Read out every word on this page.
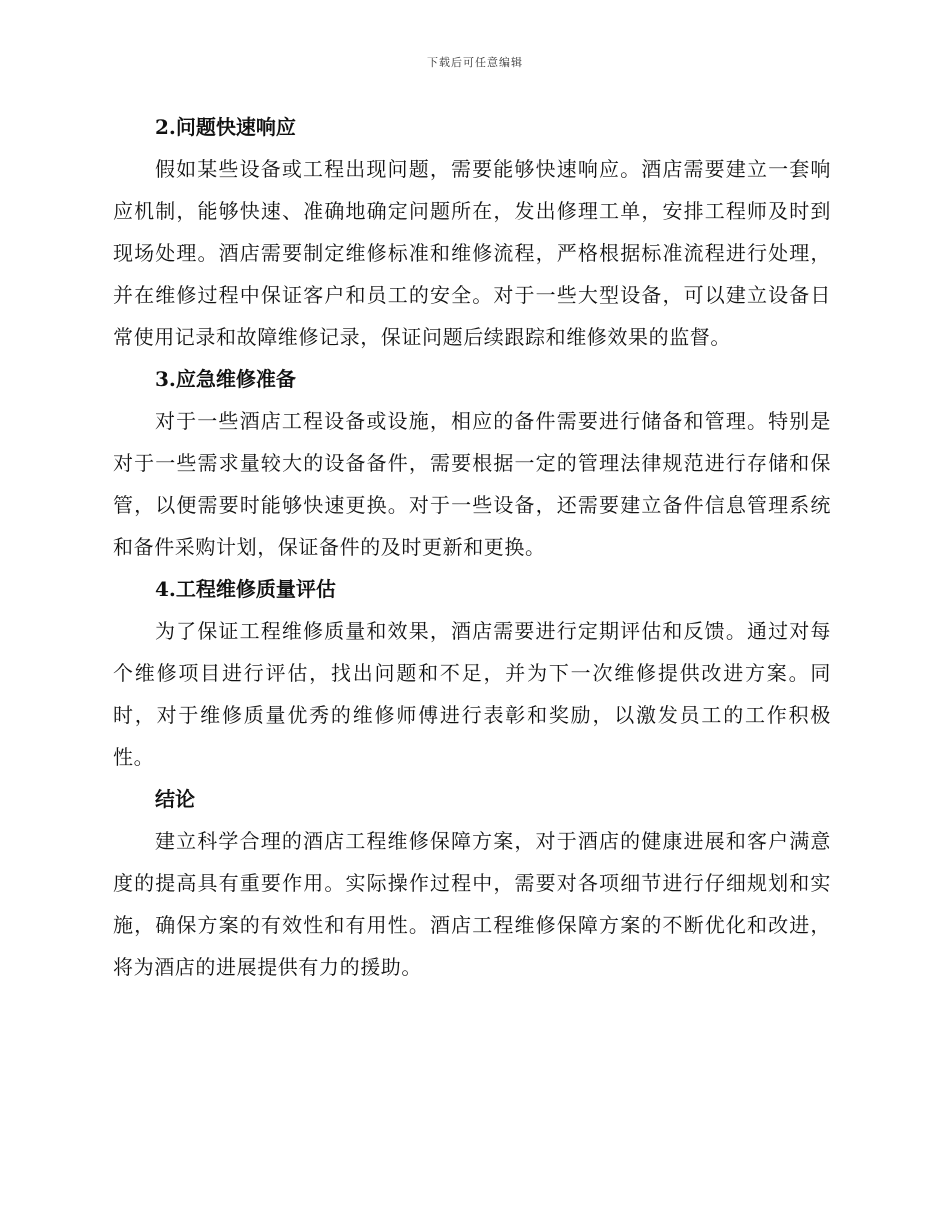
下载后可任意编辑
2.问题快速响应

假如某些设备或工程出现问题，需要能够快速响应。酒店需要建立一套响应机制，能够快速、准确地确定问题所在，发出修理工单，安排工程师及时到现场处理。酒店需要制定维修标准和维修流程，严格根据标准流程进行处理，并在维修过程中保证客户和员工的安全。对于一些大型设备，可以建立设备日常使用记录和故障维修记录，保证问题后续跟踪和维修效果的监督。

3.应急维修准备

对于一些酒店工程设备或设施，相应的备件需要进行储备和管理。特别是对于一些需求量较大的设备备件，需要根据一定的管理法律规范进行存储和保管，以便需要时能够快速更换。对于一些设备，还需要建立备件信息管理系统和备件采购计划，保证备件的及时更新和更换。

4.工程维修质量评估

为了保证工程维修质量和效果，酒店需要进行定期评估和反馈。通过对每个维修项目进行评估，找出问题和不足，并为下一次维修提供改进方案。同时，对于维修质量优秀的维修师傅进行表彰和奖励，以激发员工的工作积极性。

结论

建立科学合理的酒店工程维修保障方案，对于酒店的健康进展和客户满意度的提高具有重要作用。实际操作过程中，需要对各项细节进行仔细规划和实施，确保方案的有效性和有用性。酒店工程维修保障方案的不断优化和改进，将为酒店的进展提供有力的援助。
